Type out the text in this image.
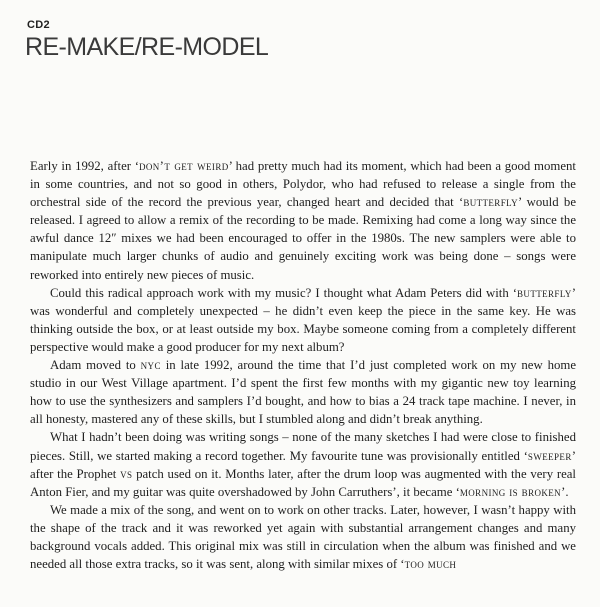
CD2
RE-MAKE/RE-MODEL

Early in 1992, after ‘don’t get weird’ had pretty much had its moment, which had been a good moment in some countries, and not so good in others, Polydor, who had refused to release a single from the orchestral side of the record the previous year, changed heart and decided that ‘butterfly’ would be released. I agreed to allow a remix of the recording to be made. Remixing had come a long way since the awful dance 12″ mixes we had been encouraged to offer in the 1980s. The new samplers were able to manipulate much larger chunks of audio and genuinely exciting work was being done – songs were reworked into entirely new pieces of music.

Could this radical approach work with my music? I thought what Adam Peters did with ‘butterfly’ was wonderful and completely unexpected – he didn’t even keep the piece in the same key. He was thinking outside the box, or at least outside my box. Maybe someone coming from a completely different perspective would make a good producer for my next album?

Adam moved to nyc in late 1992, around the time that I’d just completed work on my new home studio in our West Village apartment. I’d spent the first few months with my gigantic new toy learning how to use the synthesizers and samplers I’d bought, and how to bias a 24 track tape machine. I never, in all honesty, mastered any of these skills, but I stumbled along and didn’t break anything.

What I hadn’t been doing was writing songs – none of the many sketches I had were close to finished pieces. Still, we started making a record together. My favourite tune was provisionally entitled ‘sweeper’ after the Prophet vs patch used on it. Months later, after the drum loop was augmented with the very real Anton Fier, and my guitar was quite overshadowed by John Carruthers’, it became ‘morning is broken’.

We made a mix of the song, and went on to work on other tracks. Later, however, I wasn’t happy with the shape of the track and it was reworked yet again with substantial arrangement changes and many background vocals added. This original mix was still in circulation when the album was finished and we needed all those extra tracks, so it was sent, along with similar mixes of ‘too much
